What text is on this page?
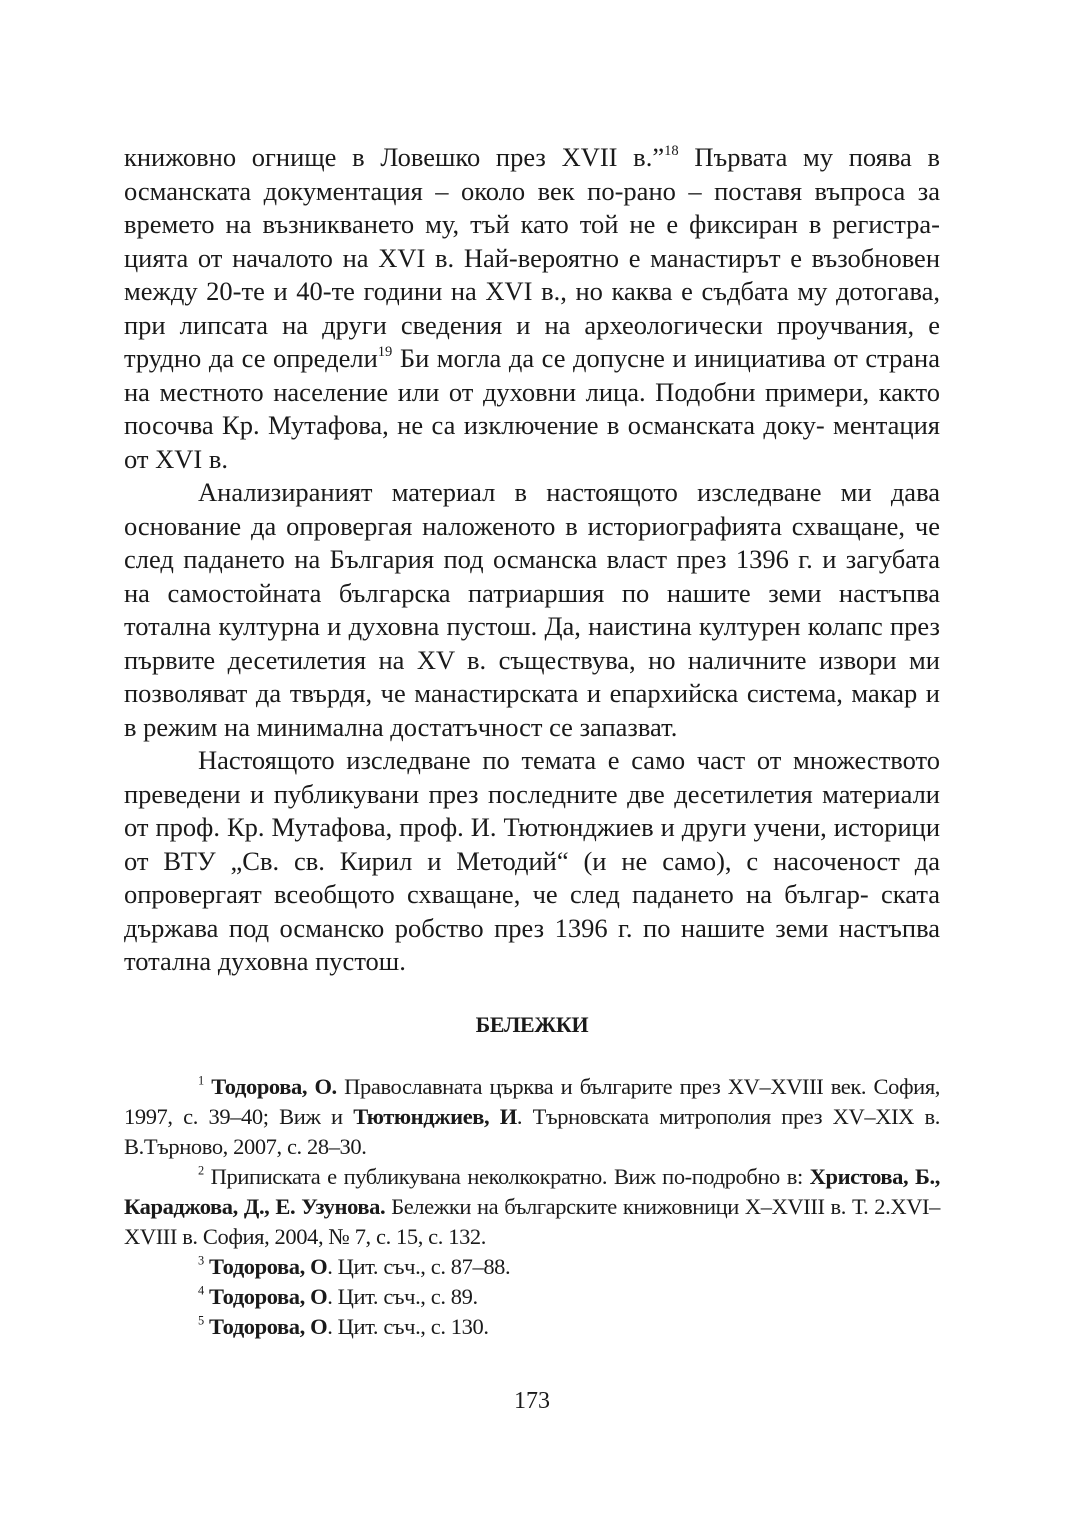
книжовно огнище в Ловешко през XVII в.”$^{18}$ Първата му поява в османската документация – около век по-рано – поставя въпроса за времето на възникването му, тъй като той не е фиксиран в регистра- цията от началото на XVI в. Най-вероятно е манастирът е възобновен между 20-те и 40-те години на XVI в., но каква е съдбата му дотогава, при липсата на други сведения и на археологически проучвания, е трудно да се определи$^{19}$ Би могла да се допусне и инициатива от страна на местното население или от духовни лица. Подобни примери, както посочва Кр. Мутафова, не са изключение в османската доку- ментация от XVI в.

Анализираният материал в настоящото изследване ми дава основание да опровергая наложеното в историографията схващане, че след падането на България под османска власт през 1396 г. и загубата на самостойната българска патриаршия по нашите земи настъпва тотална културна и духовна пустош. Да, наистина културен колапс през първите десетилетия на XV в. съществува, но наличните извори ми позволяват да твърдя, че манастирската и епархийска система, макар и в режим на минимална достатъчност се запазват.

Настоящото изследване по темата е само част от множеството преведени и публикувани през последните две десетилетия материали от проф. Кр. Мутафова, проф. И. Тютюнджиев и други учени, историци от ВТУ „Св. св. Кирил и Методий“ (и не само), с насоченост да опровергаят всеобщото схващане, че след падането на българ- ската държава под османско робство през 1396 г. по нашите земи настъпва тотална духовна пустош.

БЕЛЕЖКИ

$^1$ Тодорова, О. Православната църква и българите през XV–XVIII век. София, 1997, с. 39–40; Виж и Тютюнджиев, И. Търновската митрополия през XV–XIX в. В.Търново, 2007, с. 28–30.

$^2$ Приписката е публикувана неколкократно. Виж по-подробно в: Христова, Б., Караджова, Д., Е. Узунова. Бележки на българските книжовници X–XVIII в. Т. 2.XVI–XVIII в. София, 2004, № 7, с. 15, с. 132.

$^3$ Тодорова, О. Цит. съч., с. 87–88.

$^4$ Тодорова, О. Цит. съч., с. 89.

$^5$ Тодорова, О. Цит. съч., с. 130.

173
